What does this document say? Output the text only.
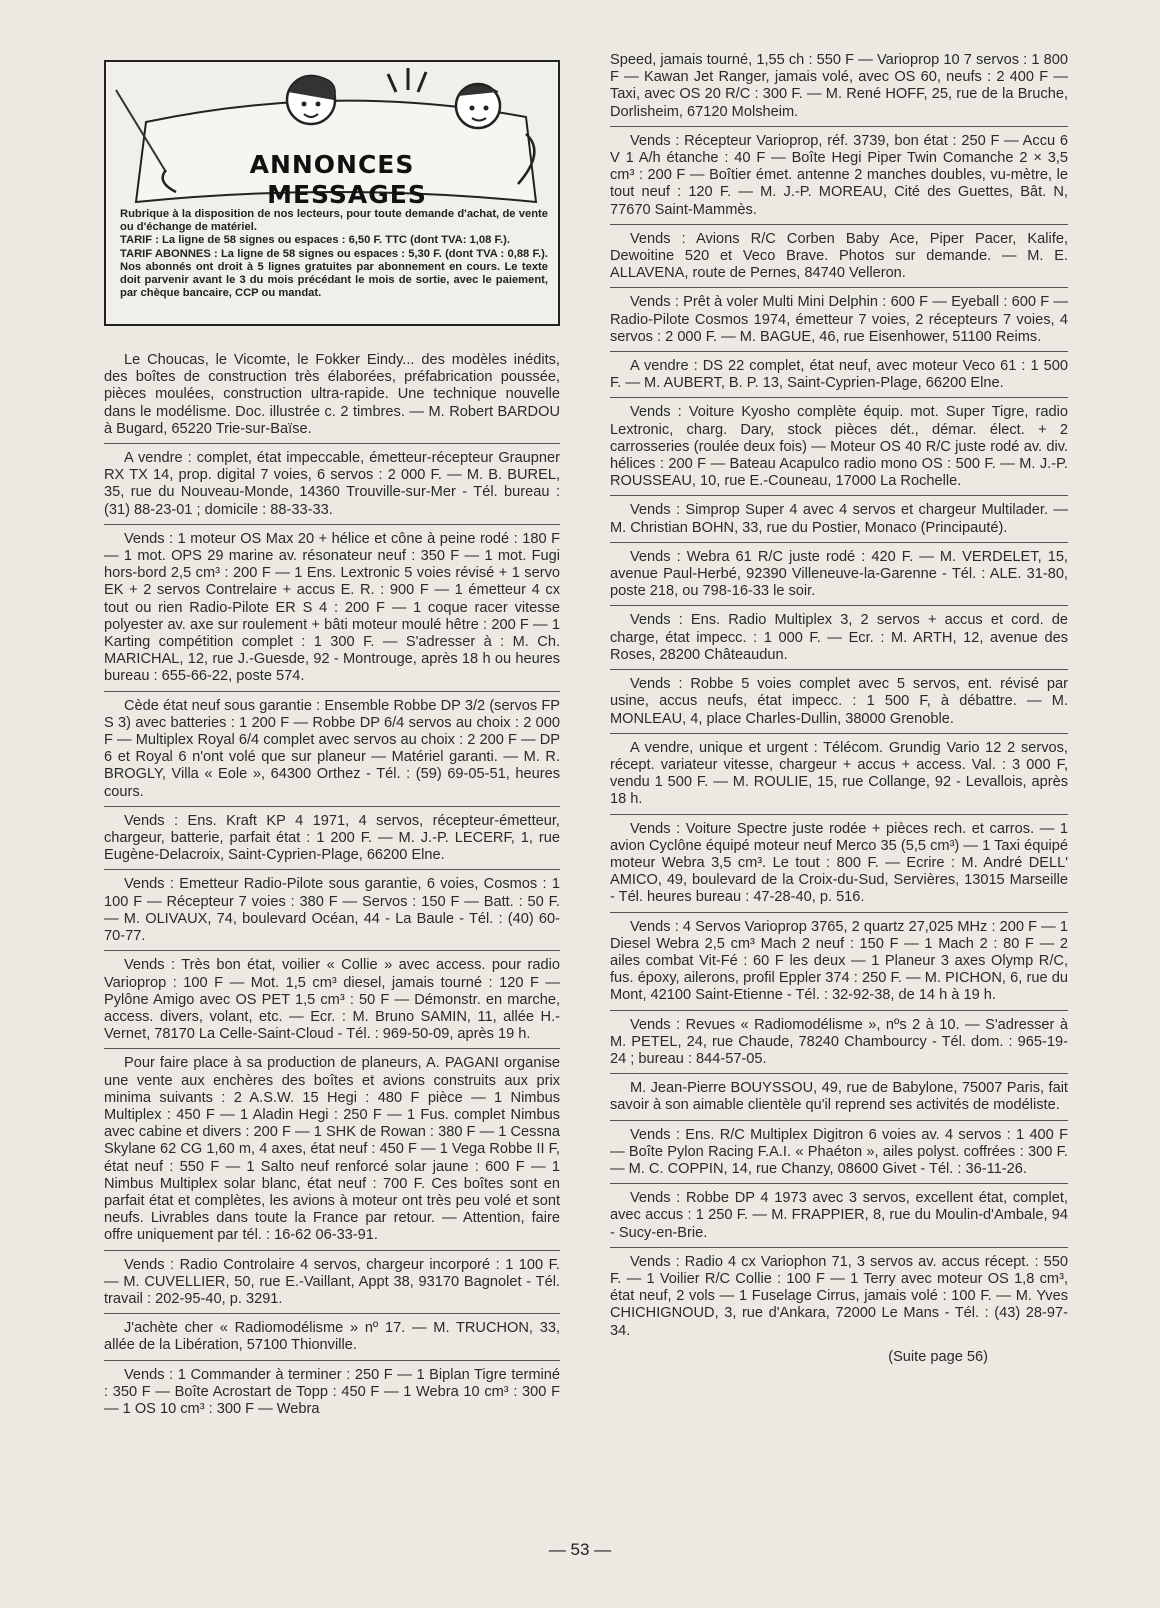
ANNONCES
MESSAGES

Rubrique à la disposition de nos lecteurs, pour toute demande d'achat, de vente ou d'échange de matériel.

TARIF : La ligne de 58 signes ou espaces : 6,50 F. TTC (dont TVA: 1,08 F.).

TARIF ABONNES : La ligne de 58 signes ou espaces : 5,30 F. (dont TVA : 0,88 F.). Nos abonnés ont droit à 5 lignes gratuites par abonnement en cours. Le texte doit parvenir avant le 3 du mois précédant le mois de sortie, avec le paiement, par chèque bancaire, CCP ou mandat.

Le Choucas, le Vicomte, le Fokker Eindy... des modèles inédits, des boîtes de construction très élaborées, préfabrication poussée, pièces moulées, construction ultra-rapide. Une technique nouvelle dans le modélisme. Doc. illustrée c. 2 timbres. — M. Robert BARDOU à Bugard, 65220 Trie-sur-Baïse.
A vendre : complet, état impeccable, émetteur-récepteur Graupner RX TX 14, prop. digital 7 voies, 6 servos : 2 000 F. — M. B. BUREL, 35, rue du Nouveau-Monde, 14360 Trouville-sur-Mer - Tél. bureau : (31) 88-23-01 ; domicile : 88-33-33.
Vends : 1 moteur OS Max 20 + hélice et cône à peine rodé : 180 F — 1 mot. OPS 29 marine av. résonateur neuf : 350 F — 1 mot. Fugi hors-bord 2,5 cm³ : 200 F — 1 Ens. Lextronic 5 voies révisé + 1 servo EK + 2 servos Contrelaire + accus E. R. : 900 F — 1 émetteur 4 cx tout ou rien Radio-Pilote ER S 4 : 200 F — 1 coque racer vitesse polyester av. axe sur roulement + bâti moteur moulé hêtre : 200 F — 1 Karting compétition complet : 1 300 F. — S'adresser à : M. Ch. MARICHAL, 12, rue J.-Guesde, 92 - Montrouge, après 18 h ou heures bureau : 655-66-22, poste 574.
Cède état neuf sous garantie : Ensemble Robbe DP 3/2 (servos FP S 3) avec batteries : 1 200 F — Robbe DP 6/4 servos au choix : 2 000 F — Multiplex Royal 6/4 complet avec servos au choix : 2 200 F — DP 6 et Royal 6 n'ont volé que sur planeur — Matériel garanti. — M. R. BROGLY, Villa « Eole », 64300 Orthez - Tél. : (59) 69-05-51, heures cours.
Vends : Ens. Kraft KP 4 1971, 4 servos, récepteur-émetteur, chargeur, batterie, parfait état : 1 200 F. — M. J.-P. LECERF, 1, rue Eugène-Delacroix, Saint-Cyprien-Plage, 66200 Elne.
Vends : Emetteur Radio-Pilote sous garantie, 6 voies, Cosmos : 1 100 F — Récepteur 7 voies : 380 F — Servos : 150 F — Batt. : 50 F. — M. OLIVAUX, 74, boulevard Océan, 44 - La Baule - Tél. : (40) 60-70-77.
Vends : Très bon état, voilier « Collie » avec access. pour radio Varioprop : 100 F — Mot. 1,5 cm³ diesel, jamais tourné : 120 F — Pylône Amigo avec OS PET 1,5 cm³ : 50 F — Démonstr. en marche, access. divers, volant, etc. — Ecr. : M. Bruno SAMIN, 11, allée H.-Vernet, 78170 La Celle-Saint-Cloud - Tél. : 969-50-09, après 19 h.
Pour faire place à sa production de planeurs, A. PAGANI organise une vente aux enchères des boîtes et avions construits aux prix minima suivants : 2 A.S.W. 15 Hegi : 480 F pièce — 1 Nimbus Multiplex : 450 F — 1 Aladin Hegi : 250 F — 1 Fus. complet Nimbus avec cabine et divers : 200 F — 1 SHK de Rowan : 380 F — 1 Cessna Skylane 62 CG 1,60 m, 4 axes, état neuf : 450 F — 1 Vega Robbe II F, état neuf : 550 F — 1 Salto neuf renforcé solar jaune : 600 F — 1 Nimbus Multiplex solar blanc, état neuf : 700 F. Ces boîtes sont en parfait état et complètes, les avions à moteur ont très peu volé et sont neufs. Livrables dans toute la France par retour. — Attention, faire offre uniquement par tél. : 16-62 06-33-91.
Vends : Radio Controlaire 4 servos, chargeur incorporé : 1 100 F. — M. CUVELLIER, 50, rue E.-Vaillant, Appt 38, 93170 Bagnolet - Tél. travail : 202-95-40, p. 3291.
J'achète cher « Radiomodélisme » nº 17. — M. TRUCHON, 33, allée de la Libération, 57100 Thionville.
Vends : 1 Commander à terminer : 250 F — 1 Biplan Tigre terminé : 350 F — Boîte Acrostart de Topp : 450 F — 1 Webra 10 cm³ : 300 F — 1 OS 10 cm³ : 300 F — Webra
Speed, jamais tourné, 1,55 ch : 550 F — Varioprop 10 7 servos : 1 800 F — Kawan Jet Ranger, jamais volé, avec OS 60, neufs : 2 400 F — Taxi, avec OS 20 R/C : 300 F. — M. René HOFF, 25, rue de la Bruche, Dorlisheim, 67120 Molsheim.
Vends : Récepteur Varioprop, réf. 3739, bon état : 250 F — Accu 6 V 1 A/h étanche : 40 F — Boîte Hegi Piper Twin Comanche 2 × 3,5 cm³ : 200 F — Boîtier émet. antenne 2 manches doubles, vu-mètre, le tout neuf : 120 F. — M. J.-P. MOREAU, Cité des Guettes, Bât. N, 77670 Saint-Mammès.
Vends : Avions R/C Corben Baby Ace, Piper Pacer, Kalife, Dewoitine 520 et Veco Brave. Photos sur demande. — M. E. ALLAVENA, route de Pernes, 84740 Velleron.
Vends : Prêt à voler Multi Mini Delphin : 600 F — Eyeball : 600 F — Radio-Pilote Cosmos 1974, émetteur 7 voies, 2 récepteurs 7 voies, 4 servos : 2 000 F. — M. BAGUE, 46, rue Eisenhower, 51100 Reims.
A vendre : DS 22 complet, état neuf, avec moteur Veco 61 : 1 500 F. — M. AUBERT, B. P. 13, Saint-Cyprien-Plage, 66200 Elne.
Vends : Voiture Kyosho complète équip. mot. Super Tigre, radio Lextronic, charg. Dary, stock pièces dét., démar. élect. + 2 carrosseries (roulée deux fois) — Moteur OS 40 R/C juste rodé av. div. hélices : 200 F — Bateau Acapulco radio mono OS : 500 F. — M. J.-P. ROUSSEAU, 10, rue E.-Couneau, 17000 La Rochelle.
Vends : Simprop Super 4 avec 4 servos et chargeur Multilader. — M. Christian BOHN, 33, rue du Postier, Monaco (Principauté).
Vends : Webra 61 R/C juste rodé : 420 F. — M. VERDELET, 15, avenue Paul-Herbé, 92390 Villeneuve-la-Garenne - Tél. : ALE. 31-80, poste 218, ou 798-16-33 le soir.
Vends : Ens. Radio Multiplex 3, 2 servos + accus et cord. de charge, état impecc. : 1 000 F. — Ecr. : M. ARTH, 12, avenue des Roses, 28200 Châteaudun.
Vends : Robbe 5 voies complet avec 5 servos, ent. révisé par usine, accus neufs, état impecc. : 1 500 F, à débattre. — M. MONLEAU, 4, place Charles-Dullin, 38000 Grenoble.
A vendre, unique et urgent : Télécom. Grundig Vario 12 2 servos, récept. variateur vitesse, chargeur + accus + access. Val. : 3 000 F, vendu 1 500 F. — M. ROULIE, 15, rue Collange, 92 - Levallois, après 18 h.
Vends : Voiture Spectre juste rodée + pièces rech. et carros. — 1 avion Cyclône équipé moteur neuf Merco 35 (5,5 cm³) — 1 Taxi équipé moteur Webra 3,5 cm³. Le tout : 800 F. — Ecrire : M. André DELL' AMICO, 49, boulevard de la Croix-du-Sud, Servières, 13015 Marseille - Tél. heures bureau : 47-28-40, p. 516.
Vends : 4 Servos Varioprop 3765, 2 quartz 27,025 MHz : 200 F — 1 Diesel Webra 2,5 cm³ Mach 2 neuf : 150 F — 1 Mach 2 : 80 F — 2 ailes combat Vit-Fé : 60 F les deux — 1 Planeur 3 axes Olymp R/C, fus. époxy, ailerons, profil Eppler 374 : 250 F. — M. PICHON, 6, rue du Mont, 42100 Saint-Etienne - Tél. : 32-92-38, de 14 h à 19 h.
Vends : Revues « Radiomodélisme », nºs 2 à 10. — S'adresser à M. PETEL, 24, rue Chaude, 78240 Chambourcy - Tél. dom. : 965-19-24 ; bureau : 844-57-05.
M. Jean-Pierre BOUYSSOU, 49, rue de Babylone, 75007 Paris, fait savoir à son aimable clientèle qu'il reprend ses activités de modéliste.
Vends : Ens. R/C Multiplex Digitron 6 voies av. 4 servos : 1 400 F — Boîte Pylon Racing F.A.I. « Phaéton », ailes polyst. coffrées : 300 F. — M. C. COPPIN, 14, rue Chanzy, 08600 Givet - Tél. : 36-11-26.
Vends : Robbe DP 4 1973 avec 3 servos, excellent état, complet, avec accus : 1 250 F. — M. FRAPPIER, 8, rue du Moulin-d'Ambale, 94 - Sucy-en-Brie.
Vends : Radio 4 cx Variophon 71, 3 servos av. accus récept. : 550 F. — 1 Voilier R/C Collie : 100 F — 1 Terry avec moteur OS 1,8 cm³, état neuf, 2 vols — 1 Fuselage Cirrus, jamais volé : 100 F. — M. Yves CHICHIGNOUD, 3, rue d'Ankara, 72000 Le Mans - Tél. : (43) 28-97-34.
(Suite page 56)
— 53 —
